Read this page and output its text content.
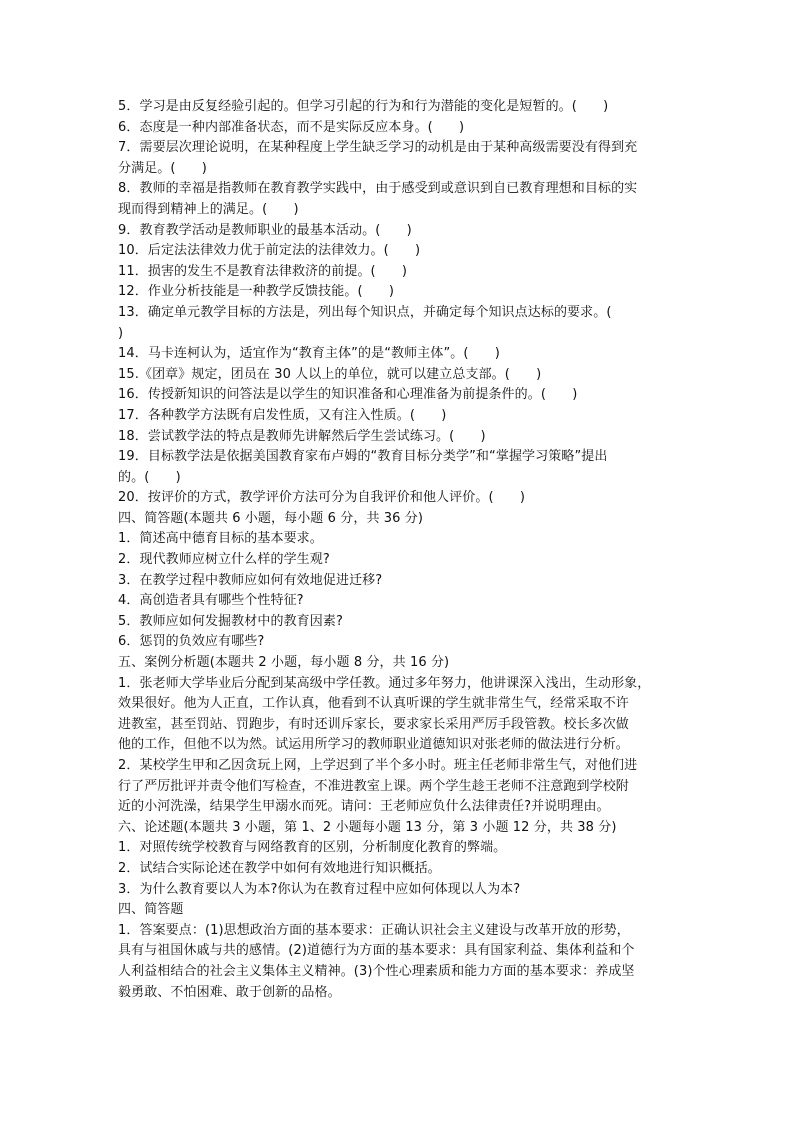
5．学习是由反复经验引起的。但学习引起的行为和行为潜能的变化是短暂的。(　　)

6．态度是一种内部准备状态，而不是实际反应本身。(　　)

7．需要层次理论说明，在某种程度上学生缺乏学习的动机是由于某种高级需要没有得到充

分满足。(　　)

8．教师的幸福是指教师在教育教学实践中，由于感受到或意识到自已教育理想和目标的实

现而得到精神上的满足。(　　)

9．教育教学活动是教师职业的最基本活动。(　　)

10．后定法法律效力优于前定法的法律效力。(　　)

11．损害的发生不是教育法律救济的前提。(　　)

12．作业分析技能是一种教学反馈技能。(　　)

13．确定单元教学目标的方法是，列出每个知识点，并确定每个知识点达标的要求。(

)

14．马卡连柯认为，适宜作为“教育主体”的是“教师主体”。(　　)

15.《团章》规定，团员在 30 人以上的单位，就可以建立总支部。(　　)

16．传授新知识的问答法是以学生的知识准备和心理准备为前提条件的。(　　)

17．各种教学方法既有启发性质，又有注入性质。(　　)

18．尝试教学法的特点是教师先讲解然后学生尝试练习。(　　)

19．目标教学法是依据美国教育家布卢姆的“教育目标分类学”和“掌握学习策略”提出

的。(　　)

20．按评价的方式，教学评价方法可分为自我评价和他人评价。(　　)

四、简答题(本题共 6 小题，每小题 6 分，共 36 分)

1．简述高中德育目标的基本要求。

2．现代教师应树立什么样的学生观?

3．在教学过程中教师应如何有效地促进迁移?

4．高创造者具有哪些个性特征?

5．教师应如何发掘教材中的教育因素?

6．惩罚的负效应有哪些?

五、案例分析题(本题共 2 小题，每小题 8 分，共 16 分)

1．张老师大学毕业后分配到某高级中学任教。通过多年努力，他讲课深入浅出，生动形象，

效果很好。他为人正直，工作认真，他看到不认真听课的学生就非常生气，经常采取不许

进教室，甚至罚站、罚跑步，有时还训斥家长，要求家长采用严厉手段管教。校长多次做

他的工作，但他不以为然。试运用所学习的教师职业道德知识对张老师的做法进行分析。

2．某校学生甲和乙因贪玩上网，上学迟到了半个多小时。班主任老师非常生气，对他们进

行了严厉批评并责令他们写检查，不准进教室上课。两个学生趁王老师不注意跑到学校附

近的小河洗澡，结果学生甲溺水而死。请问：王老师应负什么法律责任?并说明理由。

六、论述题(本题共 3 小题，第 1、2 小题每小题 13 分，第 3 小题 12 分，共 38 分)

1．对照传统学校教育与网络教育的区别，分析制度化教育的弊端。

2．试结合实际论述在教学中如何有效地进行知识概括。

3．为什么教育要以人为本?你认为在教育过程中应如何体现以人为本?

四、简答题

1．答案要点：(1)思想政治方面的基本要求：正确认识社会主义建设与改革开放的形势，

具有与祖国休戚与共的感情。(2)道德行为方面的基本要求：具有国家利益、集体利益和个

人利益相结合的社会主义集体主义精神。(3)个性心理素质和能力方面的基本要求：养成坚

毅勇敢、不怕困难、敢于创新的品格。
